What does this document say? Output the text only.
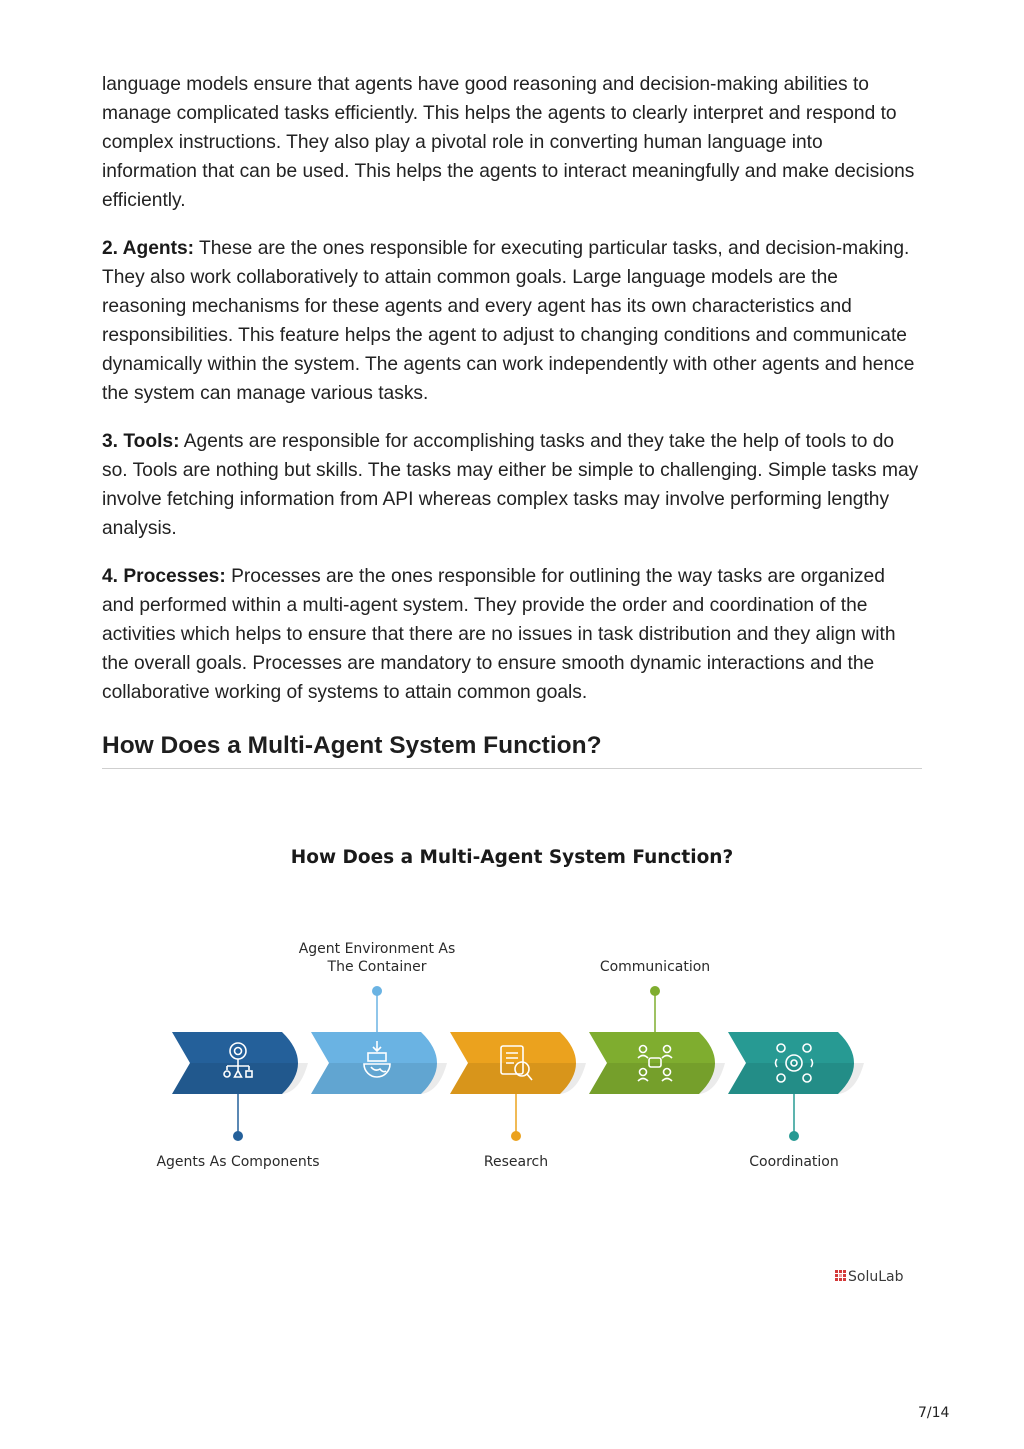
language models ensure that agents have good reasoning and decision-making abilities to manage complicated tasks efficiently. This helps the agents to clearly interpret and respond to complex instructions. They also play a pivotal role in converting human language into information that can be used. This helps the agents to interact meaningfully and make decisions efficiently.

2. Agents: These are the ones responsible for executing particular tasks, and decision-making. They also work collaboratively to attain common goals. Large language models are the reasoning mechanisms for these agents and every agent has its own characteristics and responsibilities. This feature helps the agent to adjust to changing conditions and communicate dynamically within the system. The agents can work independently with other agents and hence the system can manage various tasks.

3. Tools: Agents are responsible for accomplishing tasks and they take the help of tools to do so. Tools are nothing but skills. The tasks may either be simple to challenging. Simple tasks may involve fetching information from API whereas complex tasks may involve performing lengthy analysis.

4. Processes: Processes are the ones responsible for outlining the way tasks are organized and performed within a multi-agent system. They provide the order and coordination of the activities which helps to ensure that there are no issues in task distribution and they align with the overall goals. Processes are mandatory to ensure smooth dynamic interactions and the collaborative working of systems to attain common goals.

How Does a Multi-Agent System Function?
How Does a Multi-Agent System Function?
Agents As Components
Agent Environment As The Container
Research
Communication
Coordination
SoluLab
7/14
